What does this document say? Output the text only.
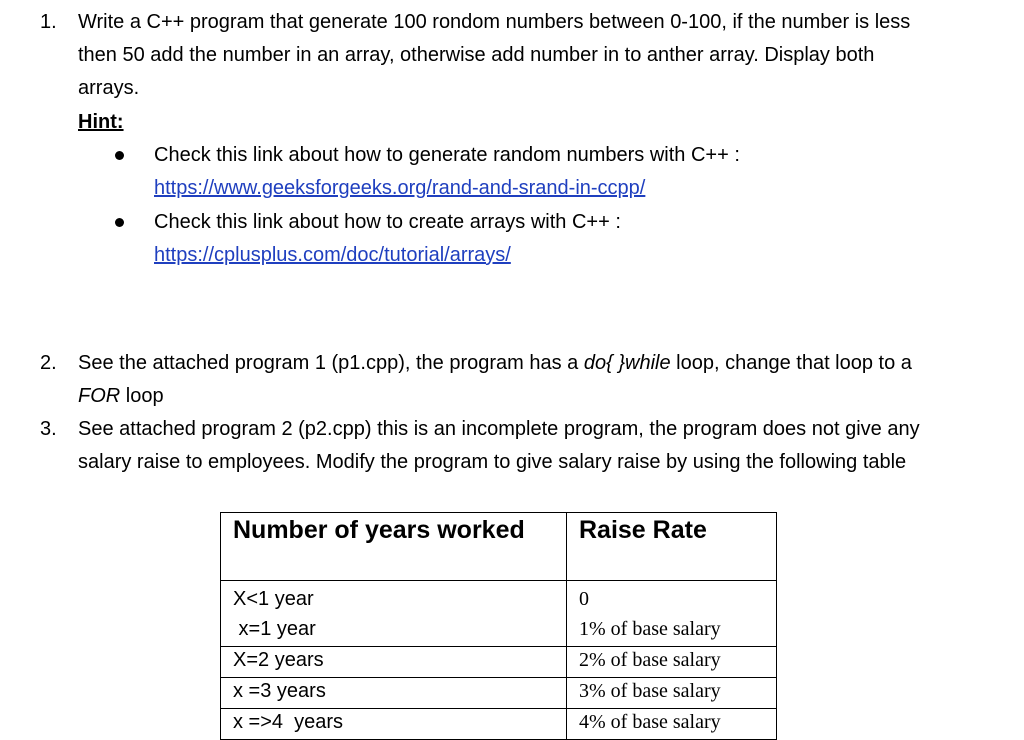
1. Write a C++ program that generate 100 rondom numbers between 0-100, if the number is less
then 50 add the number in an array, otherwise add number in to anther array. Display both
arrays.
Hint:
Check this link about how to generate random numbers with C++ :
https://www.geeksforgeeks.org/rand-and-srand-in-ccpp/
Check this link about how to create arrays with C++ :
https://cplusplus.com/doc/tutorial/arrays/
2. See the attached program 1 (p1.cpp), the program has a do{ }while loop, change that loop to a
FOR loop
3. See attached program 2 (p2.cpp) this is an incomplete program, the program does not give any
salary raise to employees. Modify the program to give salary raise by using the following table
Number of years worked	Raise Rate
X<1 year	0
x=1 year	1% of base salary
X=2 years	2% of base salary
x =3 years	3% of base salary
x =>4  years	4% of base salary
